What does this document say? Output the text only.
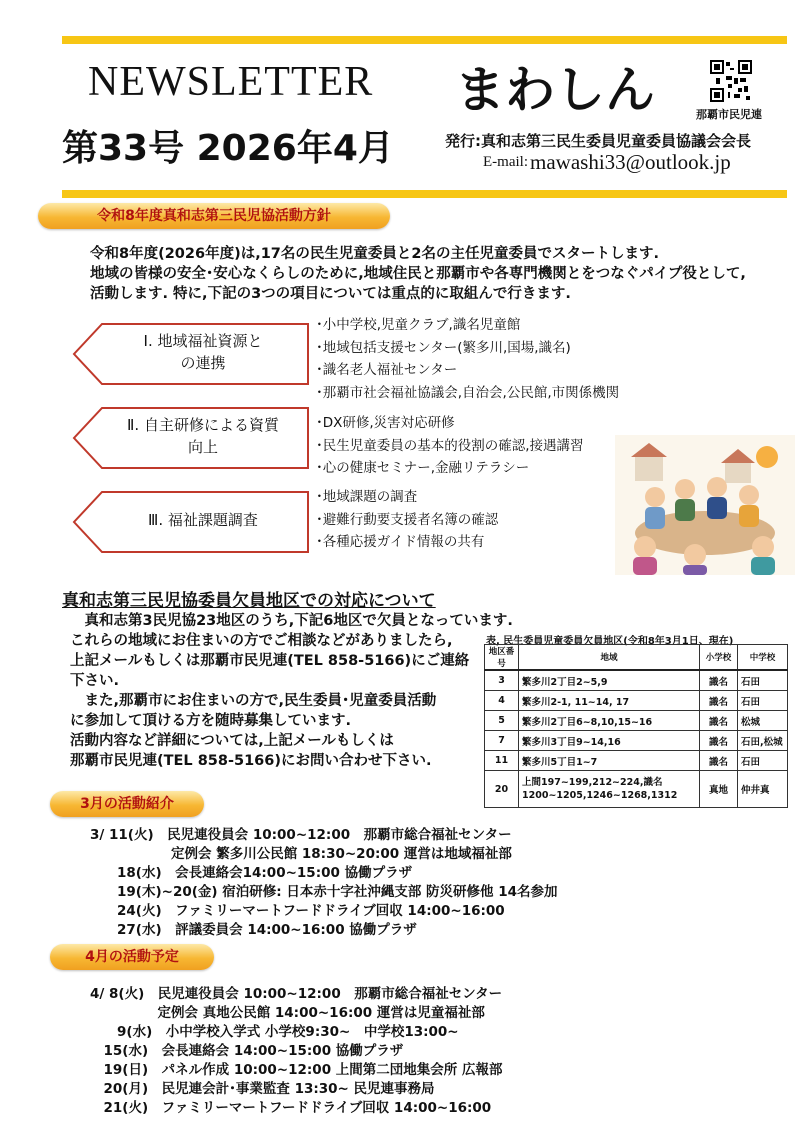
NEWSLETTER まわしん	那覇市民児連
第33号 2026年4月	発行:真和志第三民生委員児童委員協議会会長
E-mail: mawashi33@outlook.jp
令和8年度真和志第三民児協活動方針
令和8年度(2026年度)は,17名の民生児童委員と2名の主任児童委員でスタートします.
地域の皆様の安全･安心なくらしのために,地域住民と那覇市や各専門機関とをつなぐパイプ役として,
活動します. 特に,下記の3つの項目については重点的に取組んで行きます.
Ⅰ. 地域福祉資源と
の連携
･小中学校,児童クラブ,識名児童館
･地域包括支援センター(繁多川,国場,識名)
･識名老人福祉センター
･那覇市社会福祉協議会,自治会,公民館,市関係機関
Ⅱ. 自主研修による資質
向上
･DX研修,災害対応研修
･民生児童委員の基本的役割の確認,接遇講習
･心の健康セミナー,金融リテラシー
Ⅲ. 福祉課題調査
･地域課題の調査
･避難行動要支援者名簿の確認
･各種応援ガイド情報の共有
真和志第三民児協委員欠員地区での対応について
　真和志第3民児協23地区のうち,下記6地区で欠員となっています.
これらの地域にお住まいの方でご相談などがありましたら,
上記メールもしくは那覇市民児連(TEL 858-5166)にご連絡
下さい.
　また,那覇市にお住まいの方で,民生委員･児童委員活動
に参加して頂ける方を随時募集しています.
活動内容など詳細については,上記メールもしくは
那覇市民児連(TEL 858-5166)にお問い合わせ下さい.
表, 民生委員児童委員欠員地区(令和8年3月1日、現在)
地区番号	地域	小学校	中学校
3	繁多川2丁目2~5,9	識名	石田
4	繁多川2-1, 11~14, 17	識名	石田
5	繁多川2丁目6~8,10,15~16	識名	松城
7	繁多川3丁目9~14,16	識名	石田,松城
11	繁多川5丁目1~7	識名	石田
20	上間197~199,212~224,識名1200~1205,1246~1268,1312	真地	仲井真
3月の活動紹介
3/ 11(火)　民児連役員会 10:00~12:00　那覇市総合福祉センター
　　　　　　定例会 繁多川公民館 18:30~20:00 運営は地域福祉部
　　18(水)　会長連絡会14:00~15:00 協働プラザ
　　19(木)~20(金) 宿泊研修: 日本赤十字社沖縄支部 防災研修他 14名参加
　　24(火)　ファミリーマートフードドライブ回収 14:00~16:00
　　27(水)　評議委員会 14:00~16:00 協働プラザ
4月の活動予定
4/ 8(火)　民児連役員会 10:00~12:00　那覇市総合福祉センター
　　　　　定例会 真地公民館 14:00~16:00 運営は児童福祉部
　　9(水)　小中学校入学式 小学校9:30~　中学校13:00~
　15(水)　会長連絡会 14:00~15:00 協働プラザ
　19(日)　パネル作成 10:00~12:00 上間第二団地集会所 広報部
　20(月)　民児連会計･事業監査 13:30~ 民児連事務局
　21(火)　ファミリーマートフードドライブ回収 14:00~16:00
